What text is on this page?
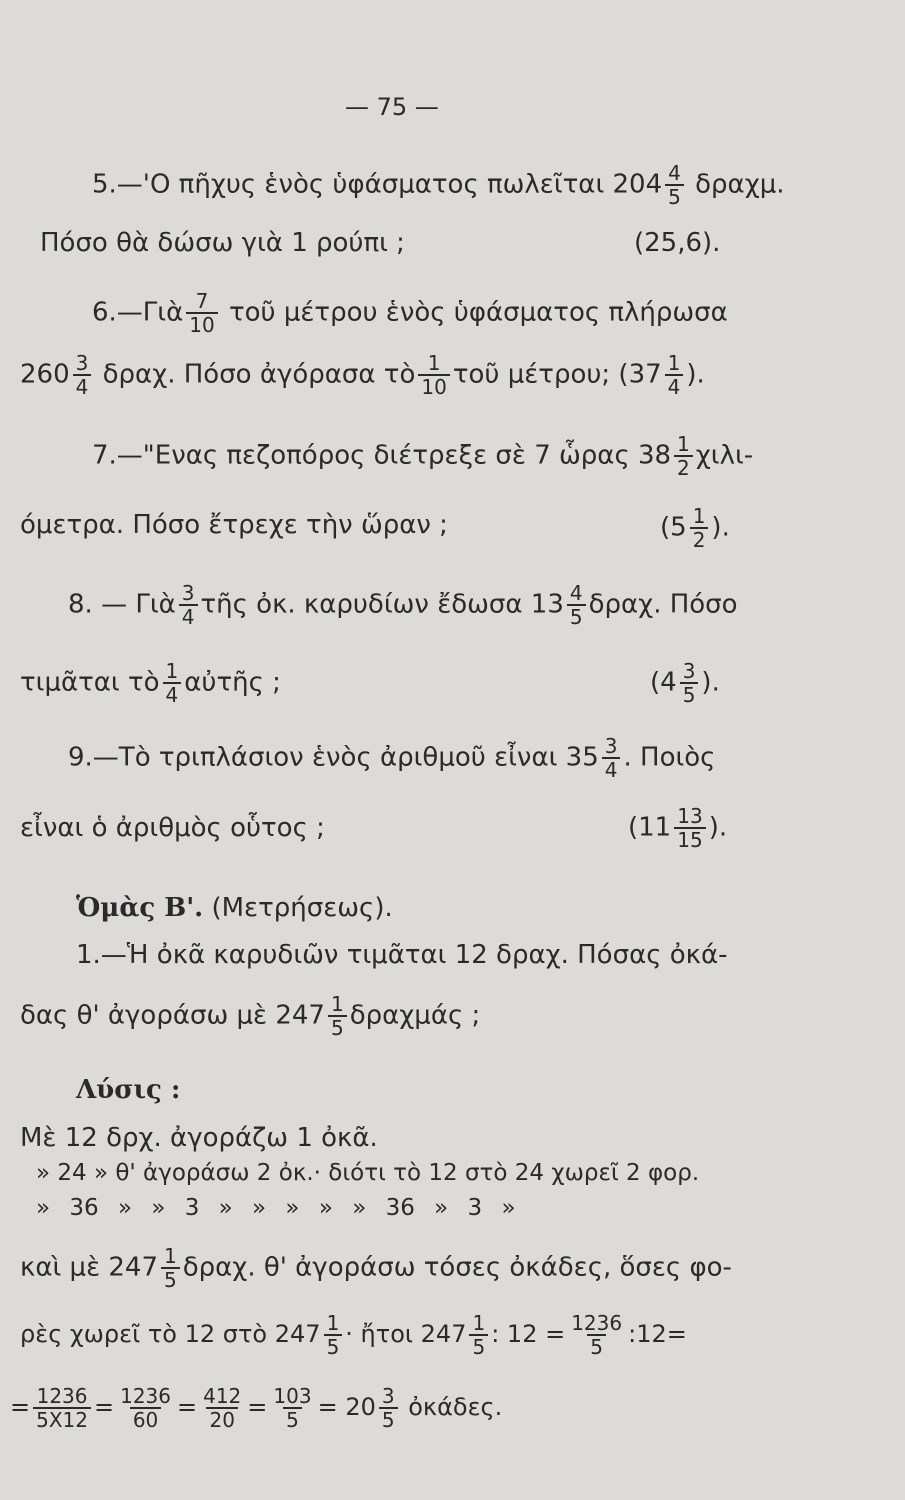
— 75 —
5.—'Ο πῆχυς ἑνὸς ὑφάσματος πωλεῖται $204 \frac{4}{5} \delta\rho\alpha\chi\mu$.
Πόσο θὰ δώσω γιὰ 1 ρούπι ;	(25,6).
6.—Γιὰ $\frac{7}{10}$ τοῦ μέτρου ἑνὸς ὑφάσματος πλήρωσα
$260 \frac{3}{4} \delta\rho\alpha\chi$. Πόσο ἀγόρασα τὸ $\frac{1}{10}$ τοῦ μέτρου; ($37 \frac{1}{4}$ ).
7.—"Ενας πεζοπόρος διέτρεξε σὲ 7 ὧρας $38 \frac{1}{2} \chi\iota\lambda\iota-$
όμετρα. Πόσο ἔτρεχε τὴν ὥραν ;	($5 \frac{1}{2}$ ).
8. — Γιὰ $\frac{3}{4}$ τῆς ὀκ. καρυδίων ἔδωσα $13 \frac{4}{5} \delta\rho\alpha\chi$. Πόσο
τιμᾶται τὸ $\frac{1}{4}$ αὐτῆς ;	($4 \frac{3}{5}$ ).
9.—Τὸ τριπλάσιον ἑνὸς ἀριθμοῦ εἶναι $35 \frac{3}{4}$ . Ποιὸς
εἶναι ὁ ἀριθμὸς οὗτος ;	($11 \frac{13}{15}$ ).
Ὁμὰς Β'. (Μετρήσεως).
1.—Ἡ ὀκᾶ καρυδιῶν τιμᾶται 12 δραχ. Πόσας ὀκά-
δας θ' ἀγοράσω μὲ $247 \frac{1}{5}$ δραχμάς ;
Λύσις :
Μὲ 12 δρχ. ἀγοράζω 1 ὀκᾶ.
» 24 » θ' ἀγοράσω 2 ὀκ.· διότι τὸ 12 στὸ 24 χωρεῖ 2 φορ.
» 36 » » 3 » » » » » 36 » 3 »
καὶ μὲ $247 \frac{1}{5} \delta\rho\alpha\chi$. θ' ἀγοράσω τόσες ὀκάδες, ὅσες φο-
ρὲς χωρεῖ τὸ 12 στὸ $247 \frac{1}{5}$ · ἤτοι $247 \frac{1}{5}$ : $12 = \frac{1236}{5}$ :12=
= $\frac{1236}{5X12} = \frac{1236}{60} = \frac{412}{20} = \frac{103}{5} = 20 \frac{3}{5}$ ὀκάδες.
